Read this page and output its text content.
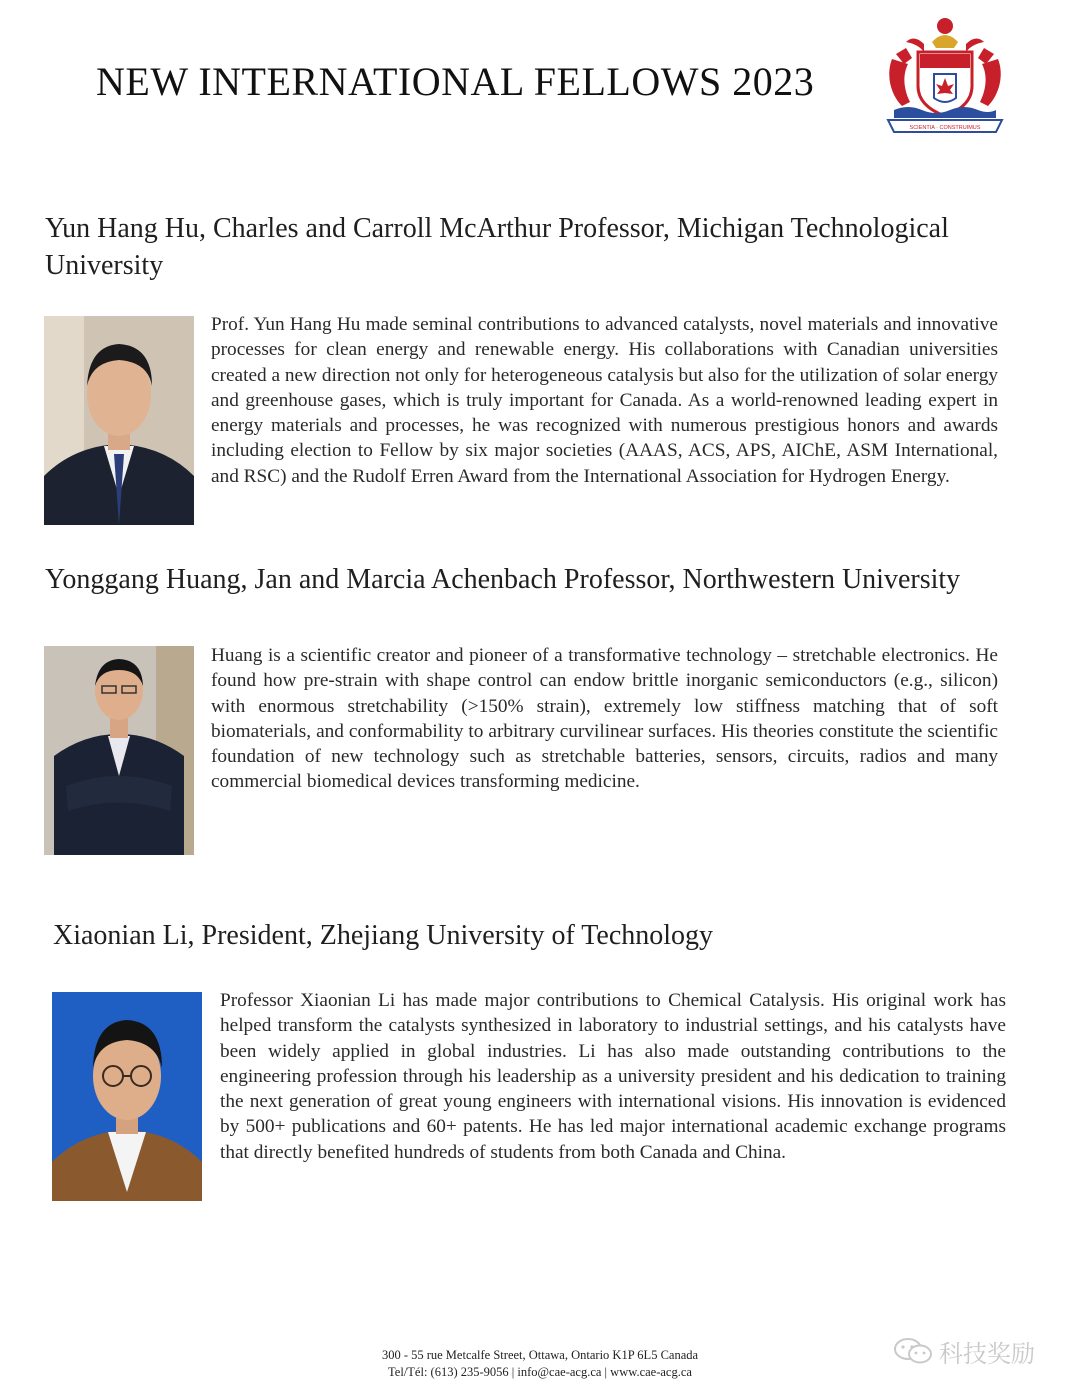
NEW INTERNATIONAL FELLOWS 2023
SCIENTIA · CONSTRUIMUS
Yun Hang Hu, Charles and Carroll McArthur Professor, Michigan Technological University
Prof. Yun Hang Hu made seminal contributions to advanced catalysts, novel materials and innovative processes for clean energy and renewable energy. His collaborations with Canadian universities created a new direction not only for heterogeneous catalysis but also for the utilization of solar energy and greenhouse gases, which is truly important for Canada. As a world-renowned leading expert in energy materials and processes, he was recognized with numerous prestigious honors and awards including election to Fellow by six major societies (AAAS, ACS, APS, AIChE, ASM International, and RSC) and the Rudolf Erren Award from the International Association for Hydrogen Energy.
Yonggang Huang, Jan and Marcia Achenbach Professor, Northwestern University
Huang is a scientific creator and pioneer of a transformative technology – stretchable electronics. He found how pre-strain with shape control can endow brittle inorganic semiconductors (e.g., silicon) with enormous stretchability (>150% strain), extremely low stiffness matching that of soft biomaterials, and conformability to arbitrary curvilinear surfaces. His theories constitute the scientific foundation of new technology such as stretchable batteries, sensors, circuits, radios and many commercial biomedical devices transforming medicine.
Xiaonian Li, President, Zhejiang University of Technology
Professor Xiaonian Li has made major contributions to Chemical Catalysis. His original work has helped transform the catalysts synthesized in laboratory to industrial settings, and his catalysts have been widely applied in global industries. Li has also made outstanding contributions to the engineering profession through his leadership as a university president and his dedication to training the next generation of great young engineers with international visions. His innovation is evidenced by 500+ publications and 60+ patents. He has led major international academic exchange programs that directly benefited hundreds of students from both Canada and China.
300 - 55 rue Metcalfe Street, Ottawa, Ontario K1P 6L5 Canada
Tel/Tél: (613) 235-9056 | info@cae-acg.ca | www.cae-acg.ca
科技奖励
